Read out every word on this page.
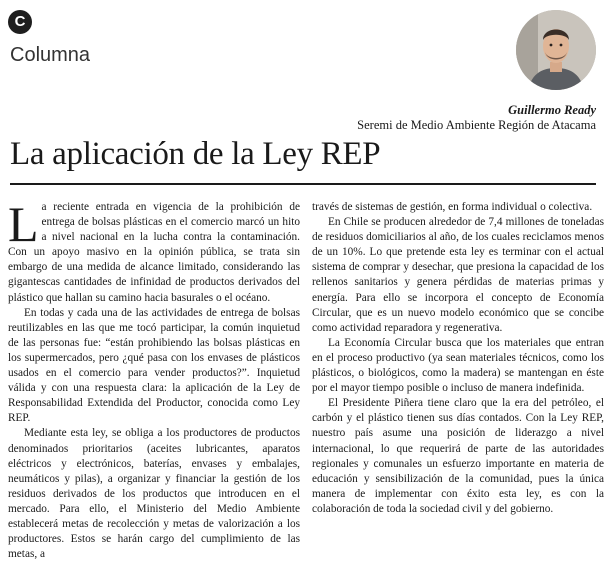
C
Columna
Guillermo Ready
Seremi de Medio Ambiente Región de Atacama
La aplicación de la Ley REP

La reciente entrada en vigencia de la prohibición de entrega de bolsas plásticas en el comercio marcó un hito a nivel nacional en la lucha contra la contaminación. Con un apoyo masivo en la opinión pública, se trata sin embargo de una medida de alcance limitado, considerando las gigantescas cantidades de infinidad de productos derivados del plástico que hallan su camino hacia basurales o el océano.

En todas y cada una de las actividades de entrega de bolsas reutilizables en las que me tocó participar, la común inquietud de las personas fue: “están prohibiendo las bolsas plásticas en los supermercados, pero ¿qué pasa con los envases de plásticos usados en el comercio para vender productos?”. Inquietud válida y con una respuesta clara: la aplicación de la Ley de Responsabilidad Extendida del Productor, conocida como Ley REP.

Mediante esta ley, se obliga a los productores de productos denominados prioritarios (aceites lubricantes, aparatos eléctricos y electrónicos, baterías, envases y embalajes, neumáticos y pilas), a organizar y financiar la gestión de los residuos derivados de los productos que introducen en el mercado. Para ello, el Ministerio del Medio Ambiente establecerá metas de recolección y metas de valorización a los productores. Estos se harán cargo del cumplimiento de las metas, a

través de sistemas de gestión, en forma individual o colectiva.

En Chile se producen alrededor de 7,4 millones de toneladas de residuos domiciliarios al año, de los cuales reciclamos menos de un 10%. Lo que pretende esta ley es terminar con el actual sistema de comprar y desechar, que presiona la capacidad de los rellenos sanitarios y genera pérdidas de materias primas y energía. Para ello se incorpora el concepto de Economía Circular, que es un nuevo modelo económico que se concibe como actividad reparadora y regenerativa.

La Economía Circular busca que los materiales que entran en el proceso productivo (ya sean materiales técnicos, como los plásticos, o biológicos, como la madera) se mantengan en éste por el mayor tiempo posible o incluso de manera indefinida.

El Presidente Piñera tiene claro que la era del petróleo, el carbón y el plástico tienen sus días contados. Con la Ley REP, nuestro país asume una posición de liderazgo a nivel internacional, lo que requerirá de parte de las autoridades regionales y comunales un esfuerzo importante en materia de educación y sensibilización de la comunidad, pues la única manera de implementar con éxito esta ley, es con la colaboración de toda la sociedad civil y del gobierno.
